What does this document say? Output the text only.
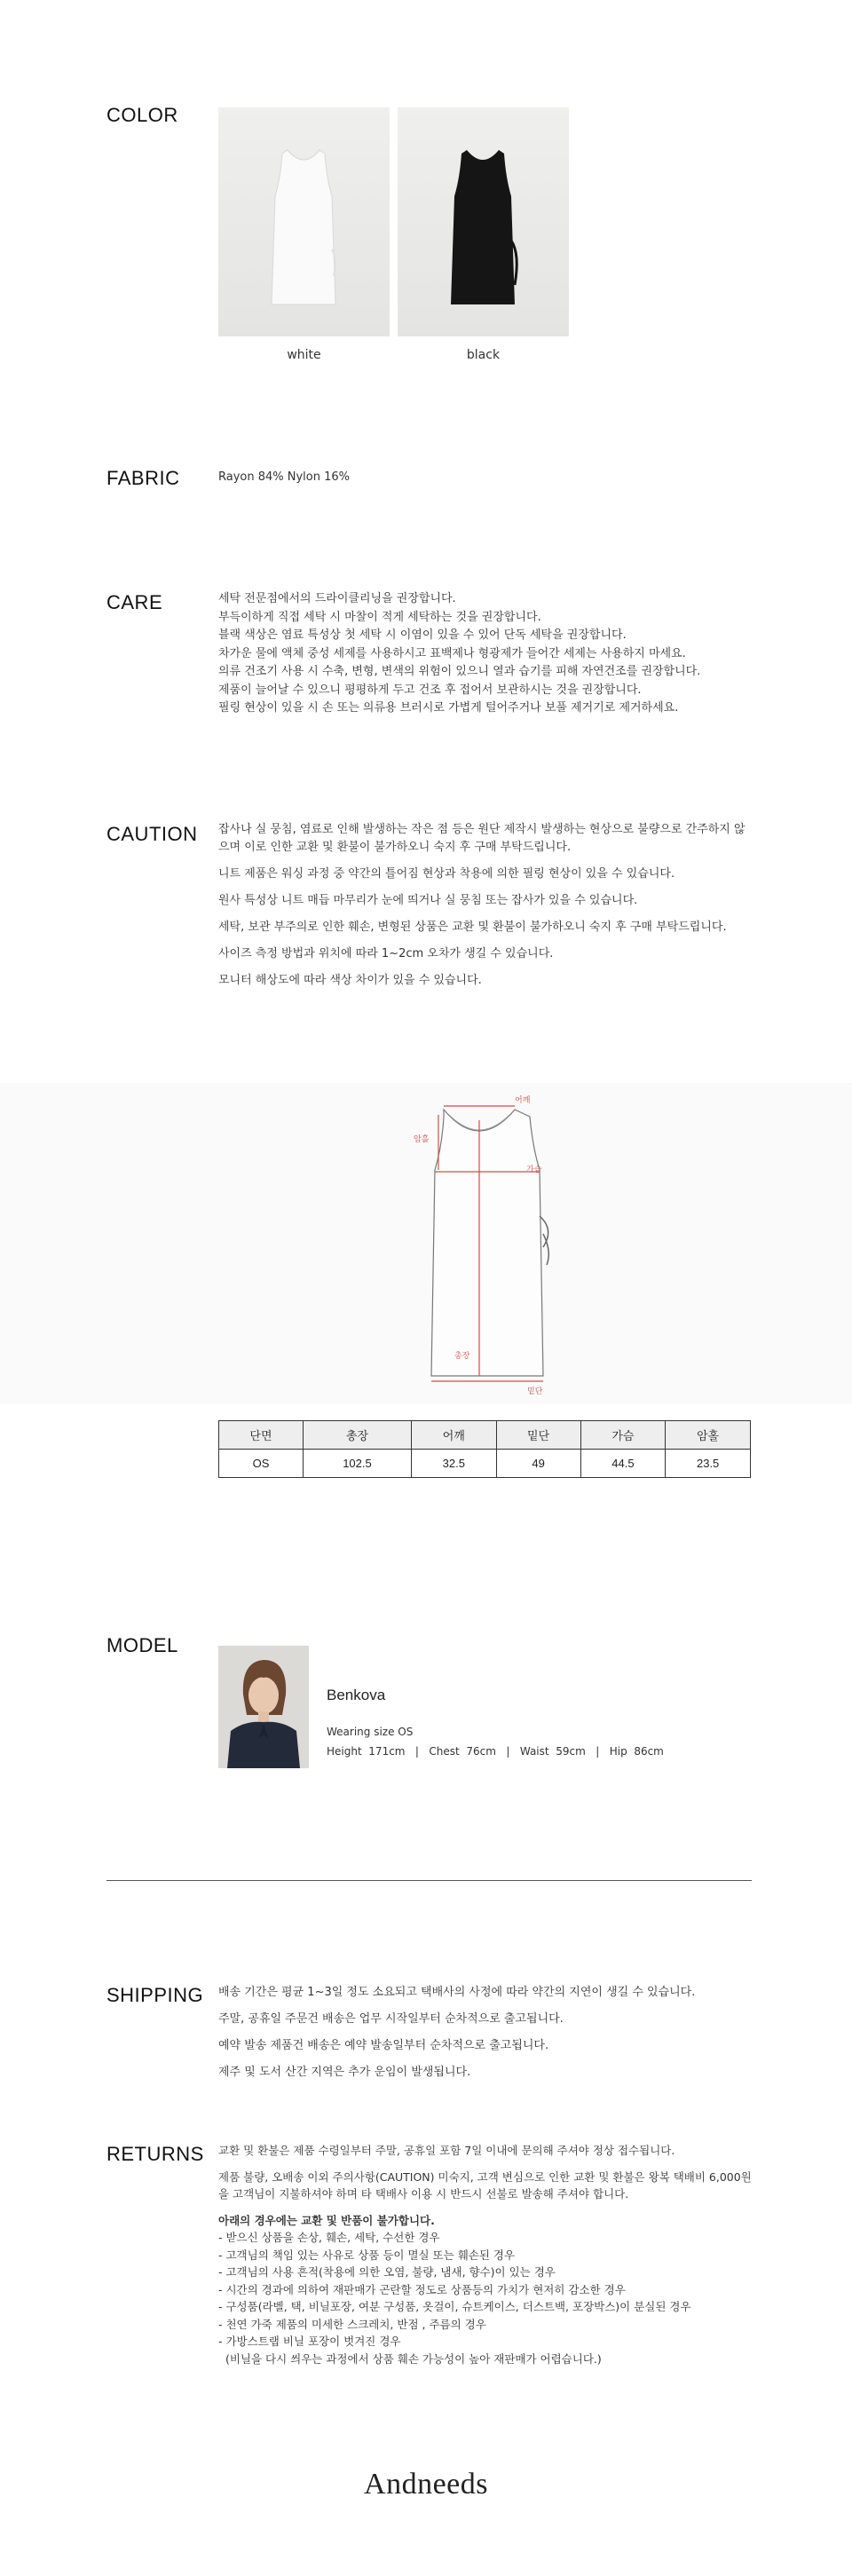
COLOR
white	black
FABRIC	Rayon 84% Nylon 16%
CARE	세탁 전문점에서의 드라이클리닝을 권장합니다.

부득이하게 직접 세탁 시 마찰이 적게 세탁하는 것을 권장합니다.

블랙 색상은 염료 특성상 첫 세탁 시 이염이 있을 수 있어 단독 세탁을 권장합니다.

차가운 물에 액체 중성 세제를 사용하시고 표백제나 형광제가 들어간 세제는 사용하지 마세요.

의류 건조기 사용 시 수축, 변형, 변색의 위험이 있으니 열과 습기를 피해 자연건조를 권장합니다.

제품이 늘어날 수 있으니 평평하게 두고 건조 후 접어서 보관하시는 것을 권장합니다.

필링 현상이 있을 시 손 또는 의류용 브러시로 가볍게 털어주거나 보풀 제거기로 제거하세요.

CAUTION 잡사나 실 뭉침, 염료로 인해 발생하는 작은 점 등은 원단 제작시 발생하는 현상으로 불량으로 간주하지 않으며 이로 인한 교환 및 환불이 불가하오니 숙지 후 구매 부탁드립니다.

니트 제품은 워싱 과정 중 약간의 틀어짐 현상과 착용에 의한 필링 현상이 있을 수 있습니다.

원사 특성상 니트 매듭 마무리가 눈에 띄거나 실 뭉침 또는 잡사가 있을 수 있습니다.

세탁, 보관 부주의로 인한 훼손, 변형된 상품은 교환 및 환불이 불가하오니 숙지 후 구매 부탁드립니다.

사이즈 측정 방법과 위치에 따라 1~2cm 오차가 생길 수 있습니다.

모니터 해상도에 따라 색상 차이가 있을 수 있습니다.

어깨
암홀
가슴
총장
밑단
단면	총장	어깨	밑단	가슴	암홀
OS	102.5	32.5	49	44.5	23.5
MODEL
Benkova
Wearing size OS
Height  171cm   |   Chest  76cm   |   Waist  59cm   |   Hip  86cm
SHIPPING 배송 기간은 평균 1~3일 정도 소요되고 택배사의 사정에 따라 약간의 지연이 생길 수 있습니다.

주말, 공휴일 주문건 배송은 업무 시작일부터 순차적으로 출고됩니다.

예약 발송 제품건 배송은 예약 발송일부터 순차적으로 출고됩니다.

제주 및 도서 산간 지역은 추가 운임이 발생됩니다.

RETURNS 교환 및 환불은 제품 수령일부터 주말, 공휴일 포함 7일 이내에 문의해 주셔야 정상 접수됩니다.

제품 불량, 오배송 이외 주의사항(CAUTION) 미숙지, 고객 변심으로 인한 교환 및 환불은 왕복 택배비 6,000원을 고객님이 지불하셔야 하며 타 택배사 이용 시 반드시 선불로 발송해 주셔야 합니다.

아래의 경우에는 교환 및 반품이 불가합니다.

- 받으신 상품을 손상, 훼손, 세탁, 수선한 경우

- 고객님의 책임 있는 사유로 상품 등이 멸실 또는 훼손된 경우

- 고객님의 사용 흔적(착용에 의한 오염, 불량, 냄새, 향수)이 있는 경우

- 시간의 경과에 의하여 재판매가 곤란할 정도로 상품등의 가치가 현저히 감소한 경우

- 구성품(라벨, 택, 비닐포장, 여분 구성품, 옷걸이, 슈트케이스, 더스트백, 포장박스)이 분실된 경우

- 천연 가죽 제품의 미세한 스크레치, 반점 , 주름의 경우

- 가방스트랩 비닐 포장이 벗겨진 경우

(비닐을 다시 씌우는 과정에서 상품 훼손 가능성이 높아 재판매가 어렵습니다.)

Andneeds
